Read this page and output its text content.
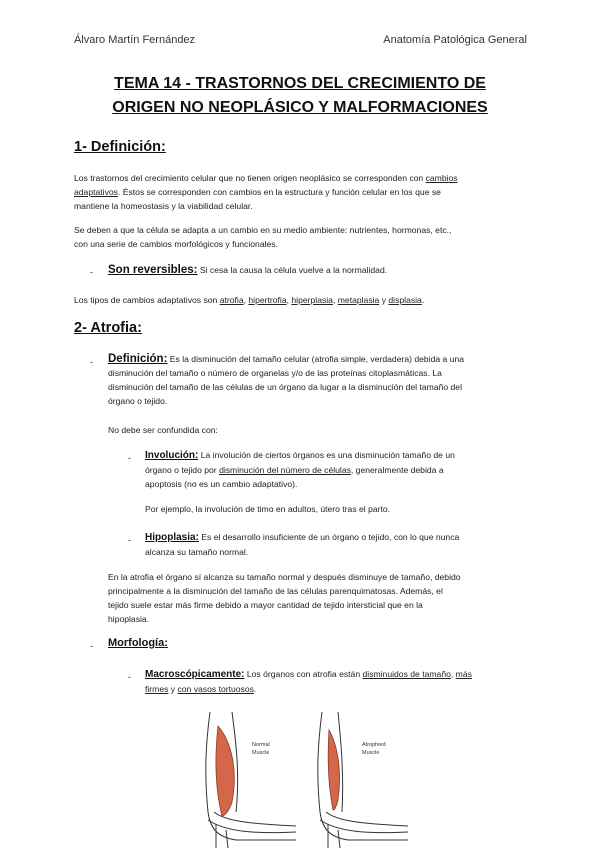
Álvaro Martín Fernández	Anatomía Patológica General
TEMA 14 - TRASTORNOS DEL CRECIMIENTO DE
ORIGEN NO NEOPLÁSICO Y MALFORMACIONES
1- Definición:
Los trastornos del crecimiento celular que no tienen origen neoplásico se corresponden con cambios
adaptativos. Éstos se corresponden con cambios en la estructura y función celular en los que se
mantiene la homeostasis y la viabilidad celular.
Se deben a que la célula se adapta a un cambio en su medio ambiente: nutrientes, hormonas, etc.,
con una serie de cambios morfológicos y funcionales.
- Son reversibles: Si cesa la causa la célula vuelve a la normalidad.
Los tipos de cambios adaptativos son atrofia, hipertrofia, hiperplasia, metaplasia y displasia.
2- Atrofia:
- Definición: Es la disminución del tamaño celular (atrofia simple, verdadera) debida a una
disminución del tamaño o número de organelas y/o de las proteínas citoplasmáticas. La
disminución del tamaño de las células de un órgano da lugar a la disminución del tamaño del
órgano o tejido.
No debe ser confundida con:
- Involución: La involución de ciertos órganos es una disminución tamaño de un
órgano o tejido por disminución del número de células, generalmente debida a
apoptosis (no es un cambio adaptativo).
Por ejemplo, la involución de timo en adultos, útero tras el parto.
- Hipoplasia: Es el desarrollo insuficiente de un órgano o tejido, con lo que nunca
alcanza su tamaño normal.
En la atrofia el órgano sí alcanza su tamaño normal y después disminuye de tamaño, debido
principalmente a la disminución del tamaño de las células parenquimatosas. Además, el
tejido suele estar más firme debido a mayor cantidad de tejido intersticial que en la
hipoplasia.
- Morfología:
- Macroscópicamente: Los órganos con atrofia están disminuidos de tamaño, más
firmes y con vasos tortuosos.
Normal
Muscle
Atrophied
Muscle
